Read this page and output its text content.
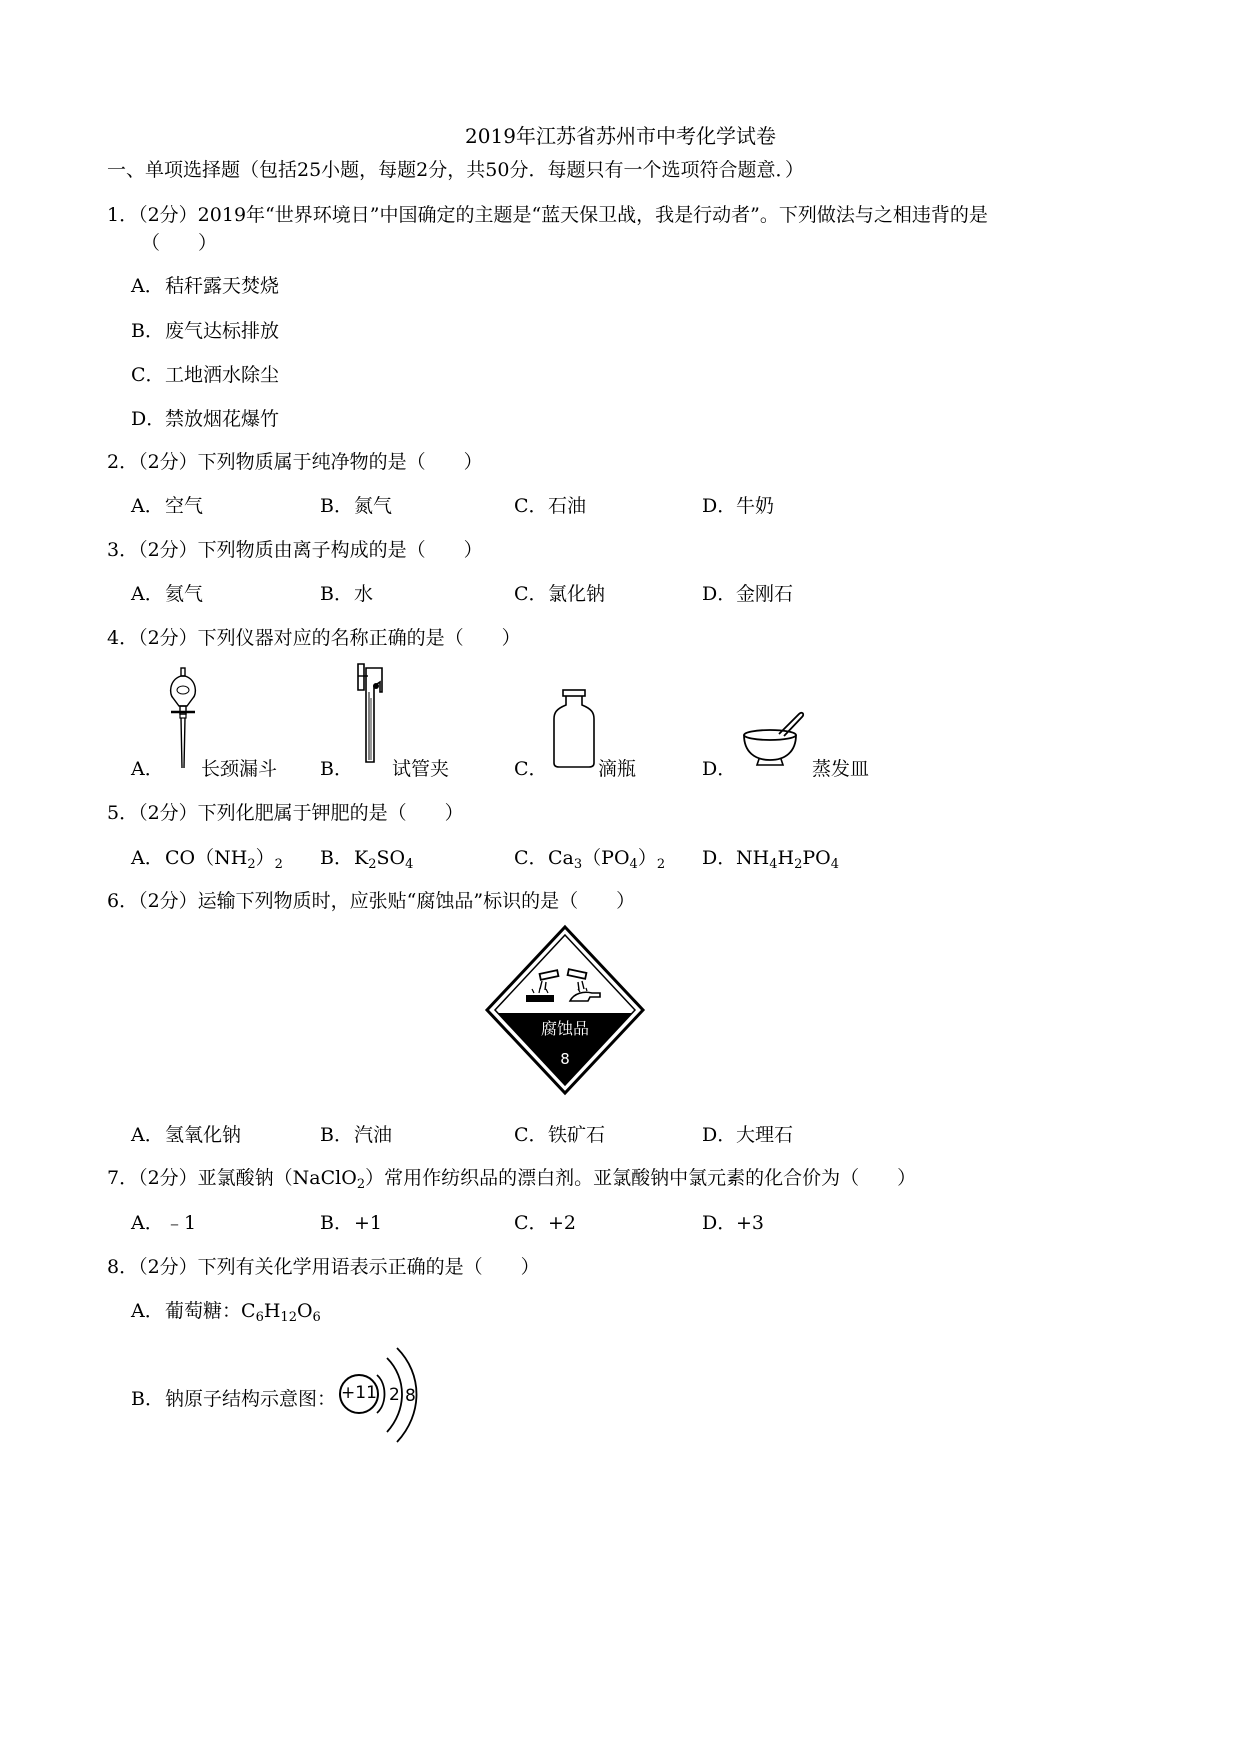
2019年江苏省苏州市中考化学试卷
一、单项选择题（包括25小题，每题2分，共50分．每题只有一个选项符合题意．）
1．（2分）2019年“世界环境日”中国确定的主题是“蓝天保卫战，我是行动者”。下列做法与之相违背的是
（　　）
A．秸秆露天焚烧
B．废气达标排放
C．工地洒水除尘
D．禁放烟花爆竹
2．（2分）下列物质属于纯净物的是（　　）
A．空气	B．氮气	C．石油	D．牛奶
3．（2分）下列物质由离子构成的是（　　）
A．氦气	B．水	C．氯化钠	D．金刚石
4．（2分）下列仪器对应的名称正确的是（　　）
A． 长颈漏斗 B． 试管夹	C．	滴瓶	D．	蒸发皿
5．（2分）下列化肥属于钾肥的是（　　）
A．$CO(NH_2)_2$ B．$K_2SO_4$	C．$Ca_3(PO_4)_2$ D．$NH_4H_2PO_4$
6．（2分）运输下列物质时，应张贴“腐蚀品”标识的是（　　）
腐蚀品
8
A．氢氧化钠	B．汽油	C．铁矿石	D．大理石
7．（2分）亚氯酸钠（NaClO$_2$）常用作纺织品的漂白剂。亚氯酸钠中氯元素的化合价为（　　）
A．﹣1	B．+1	C．+2	D．+3
8．（2分）下列有关化学用语表示正确的是（　　）
A．葡萄糖：$C_6H_{12}O_6$
B．钠原子结构示意图： +11 2 8
